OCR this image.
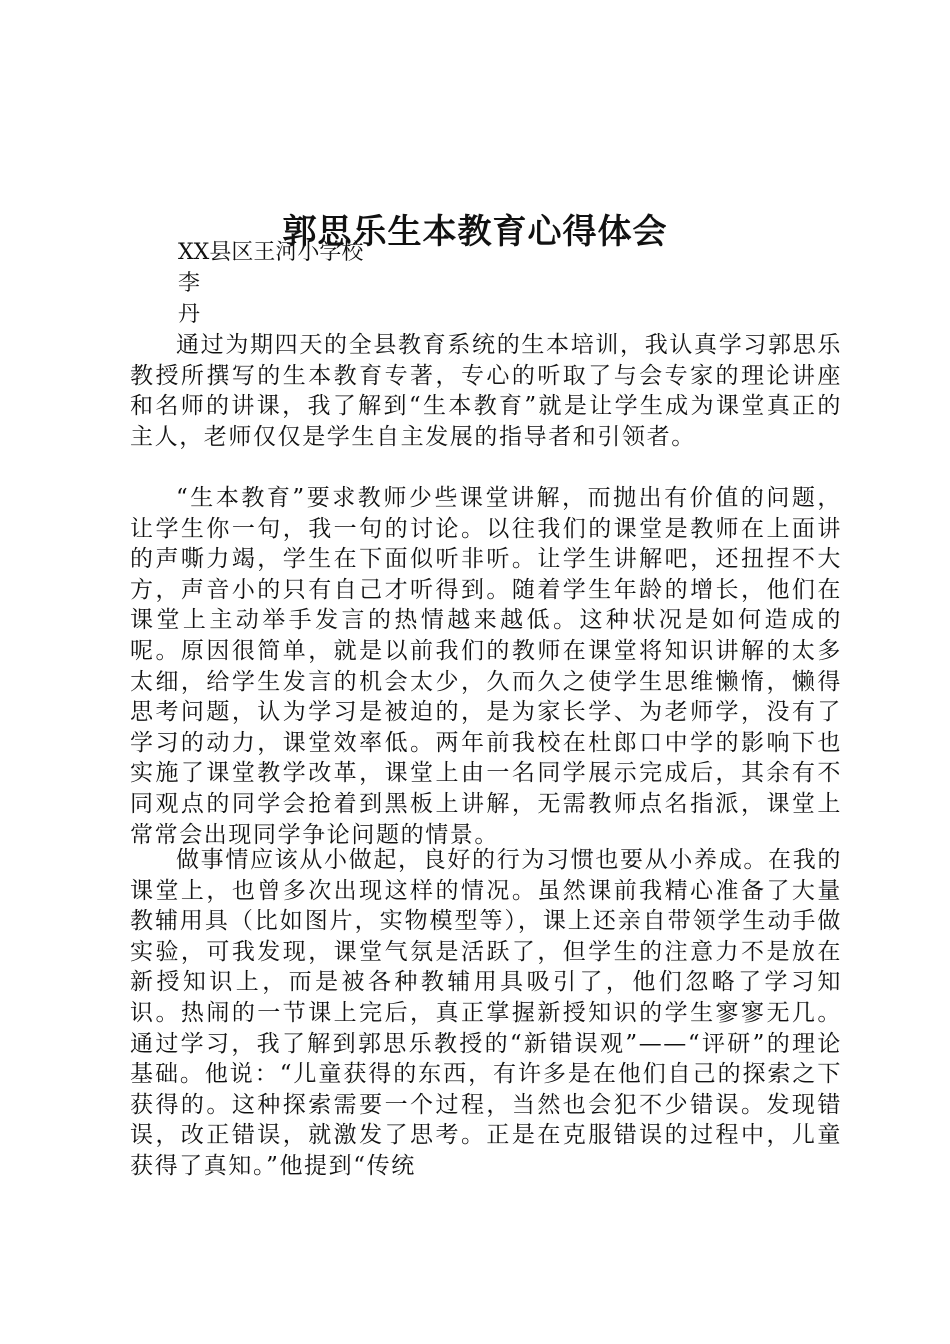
郭思乐生本教育心得体会
XX县区王河小学校
李
丹

通过为期四天的全县教育系统的生本培训，我认真学习郭思乐教授所撰写的生本教育专著，专心的听取了与会专家的理论讲座和名师的讲课，我了解到“生本教育”就是让学生成为课堂真正的主人，老师仅仅是学生自主发展的指导者和引领者。

“生本教育”要求教师少些课堂讲解，而抛出有价值的问题，让学生你一句，我一句的讨论。以往我们的课堂是教师在上面讲的声嘶力竭，学生在下面似听非听。让学生讲解吧，还扭捏不大方，声音小的只有自己才听得到。随着学生年龄的增长，他们在课堂上主动举手发言的热情越来越低。这种状况是如何造成的呢。原因很简单，就是以前我们的教师在课堂将知识讲解的太多太细，给学生发言的机会太少，久而久之使学生思维懒惰，懒得思考问题，认为学习是被迫的，是为家长学、为老师学，没有了学习的动力，课堂效率低。两年前我校在杜郎口中学的影响下也实施了课堂教学改革，课堂上由一名同学展示完成后，其余有不同观点的同学会抢着到黑板上讲解，无需教师点名指派，课堂上常常会出现同学争论问题的情景。

做事情应该从小做起，良好的行为习惯也要从小养成。在我的课堂上，也曾多次出现这样的情况。虽然课前我精心准备了大量教辅用具（比如图片，实物模型等），课上还亲自带领学生动手做实验，可我发现，课堂气氛是活跃了，但学生的注意力不是放在新授知识上，而是被各种教辅用具吸引了，他们忽略了学习知识。热闹的一节课上完后，真正掌握新授知识的学生寥寥无几。通过学习，我了解到郭思乐教授的“新错误观”——“评研”的理论基础。他说：“儿童获得的东西，有许多是在他们自己的探索之下获得的。这种探索需要一个过程，当然也会犯不少错误。发现错误，改正错误，就激发了思考。正是在克服错误的过程中，儿童获得了真知。”他提到“传统
